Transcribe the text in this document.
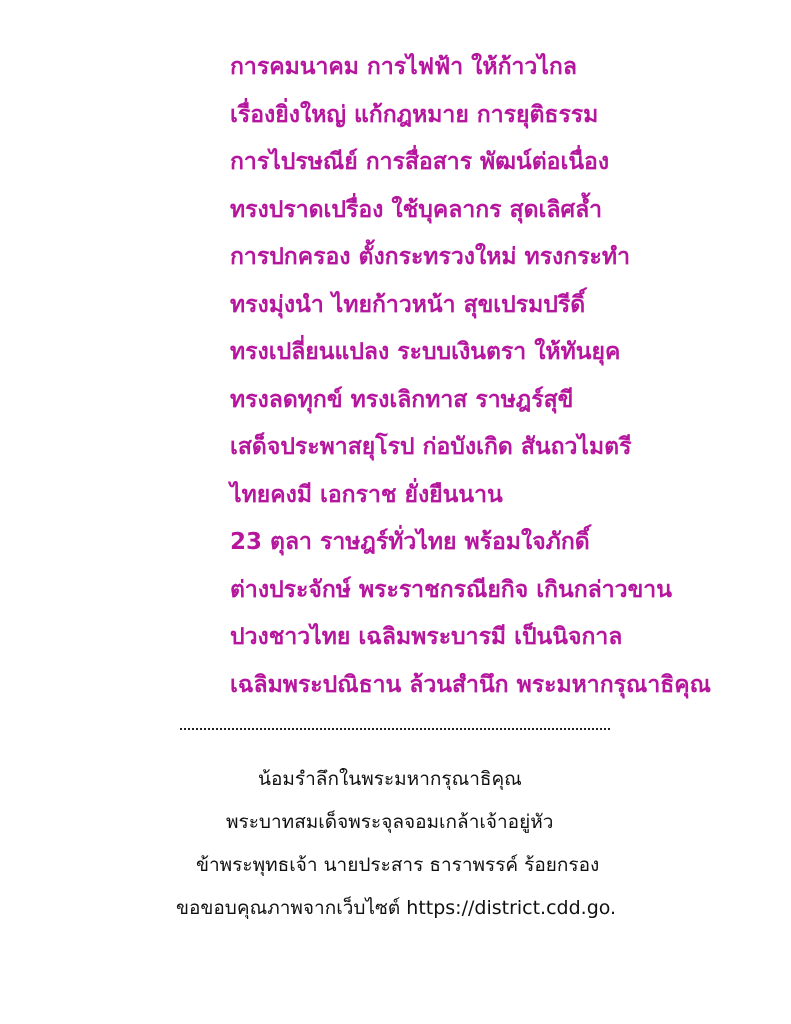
การคมนาคม การไฟฟ้า ให้ก้าวไกล
เรื่องยิ่งใหญ่ แก้กฎหมาย การยุติธรรม
การไปรษณีย์ การสื่อสาร พัฒน์ต่อเนื่อง
ทรงปราดเปรื่อง ใช้บุคลากร สุดเลิศล้ำ
การปกครอง ตั้งกระทรวงใหม่ ทรงกระทำ
ทรงมุ่งนำ ไทยก้าวหน้า สุขเปรมปรีดิ์
ทรงเปลี่ยนแปลง ระบบเงินตรา ให้ทันยุค
ทรงลดทุกข์ ทรงเลิกทาส ราษฎร์สุขี
เสด็จประพาสยุโรป ก่อบังเกิด สันถวไมตรี
ไทยคงมี เอกราช ยั่งยืนนาน
23 ตุลา ราษฎร์ทั่วไทย พร้อมใจภักดิ์
ต่างประจักษ์ พระราชกรณียกิจ เกินกล่าวขาน
ปวงชาวไทย เฉลิมพระบารมี เป็นนิจกาล
เฉลิมพระปณิธาน ล้วนสำนึก พระมหากรุณาธิคุณ
น้อมรำลึกในพระมหากรุณาธิคุณ
พระบาทสมเด็จพระจุลจอมเกล้าเจ้าอยู่หัว
ข้าพระพุทธเจ้า นายประสาร ธาราพรรค์ ร้อยกรอง
ขอขอบคุณภาพจากเว็บไซต์ https://district.cdd.go.
